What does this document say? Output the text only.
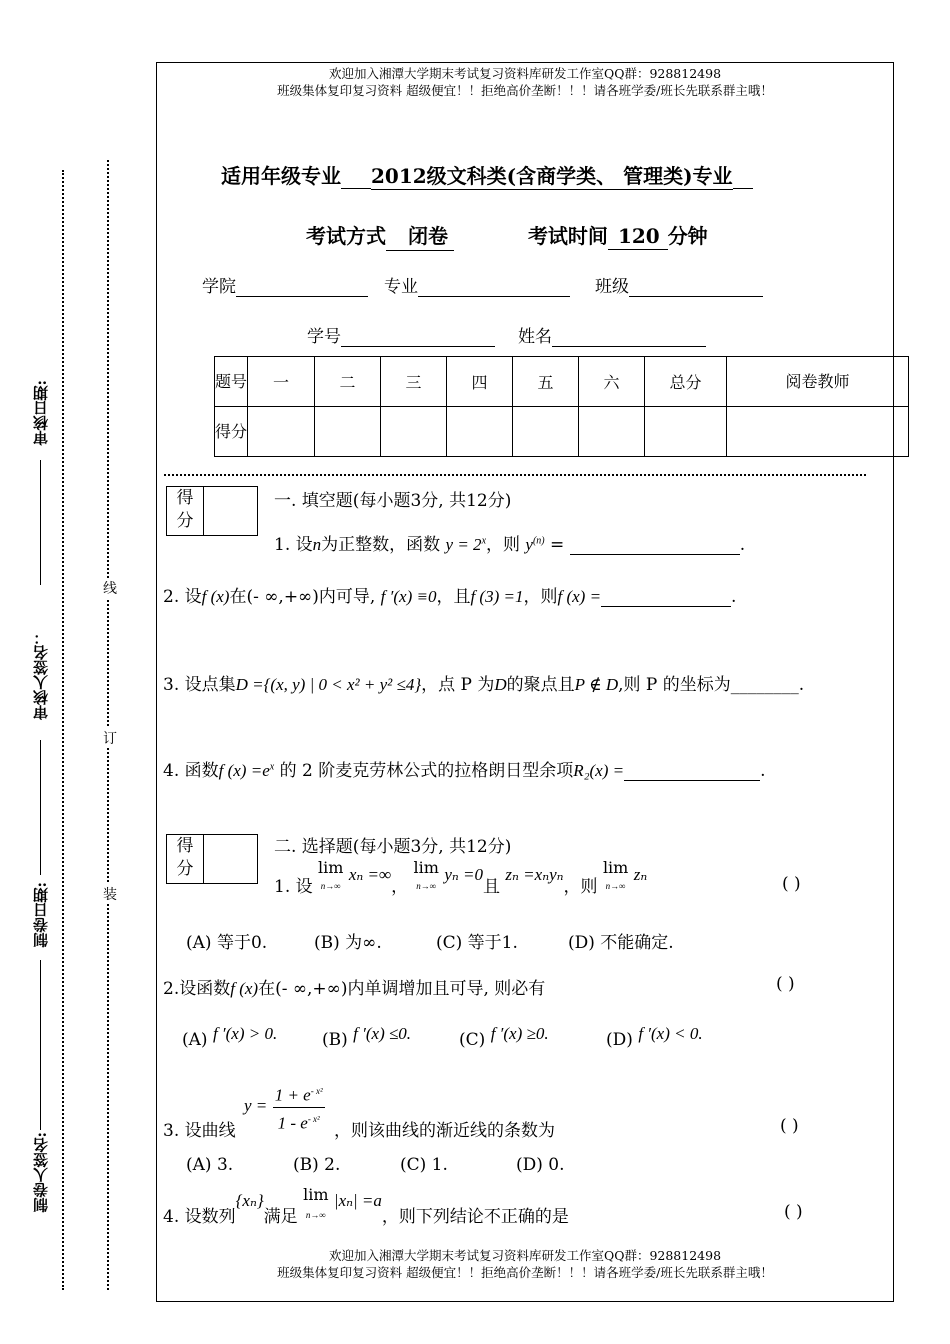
欢迎加入湘潭大学期末考试复习资料库研发工作室QQ群：928812498
班级集体复印复习资料 超级便宜！！拒绝高价垄断！！！请各班学委/班长先联系群主哦！
欢迎加入湘潭大学期末考试复习资料库研发工作室QQ群：928812498
班级集体复印复习资料 超级便宜！！拒绝高价垄断！！！请各班学委/班长先联系群主哦！
适用年级专业 2012级文科类(含商学类、 管理类)专业
考试方式 闭卷	考试时间 120 分钟
学院	专业	班级
学号	姓名
题号	一	二	三	四	五	六	总分	阅卷教师
得分								
审核日期:
审核人签名：
制卷日期:
制卷人签名:
线
订
装
得分
一. 填空题(每小题3分, 共12分)
1. 设n为正整数，函数 $y = 2^x$，则 $y^{(n)}$ =	.
2. 设f (x)在(- ∞,+∞)内可导, f ′(x) ≡0，且f (3) =1，则f (x) =	.
3. 设点集D ={(x, y) | 0 < x² + y² ≤4}，点 P 为D的聚点且P ∉ D,则 P 的坐标为________.
4. 函数f $(x) =e^x$ 的 2 阶麦克劳林公式的拉格朗日型余项R₂(x) =	.
得分
二. 选择题(每小题3分, 共12分)
1. 设 lim
n→∞ xₙ =∞， lim
n→∞ yₙ =0且 zₙ =xₙyₙ，则 lim
n→∞ zₙ	( )
(A) 等于0.	(B) 为∞.	(C) 等于1.	(D) 不能确定.
2.设函数f (x)在(- ∞,+∞)内单调增加且可导, 则必有	( )
(A) f ′(x) > 0.	(B) f ′(x) ≤0.	(C) f ′(x) ≥0.	(D) f ′(x) < 0.
3. 设曲线
$y = \frac{1 + e^{- x^2}}{1 - e^{- x^2}}$ ，则该曲线的渐近线的条数为	( )
(A) 3.	(B) 2.	(C) 1.	(D) 0.
4. 设数列{xₙ}满足 lim
n→∞ |xₙ| =a，则下列结论不正确的是	( )
